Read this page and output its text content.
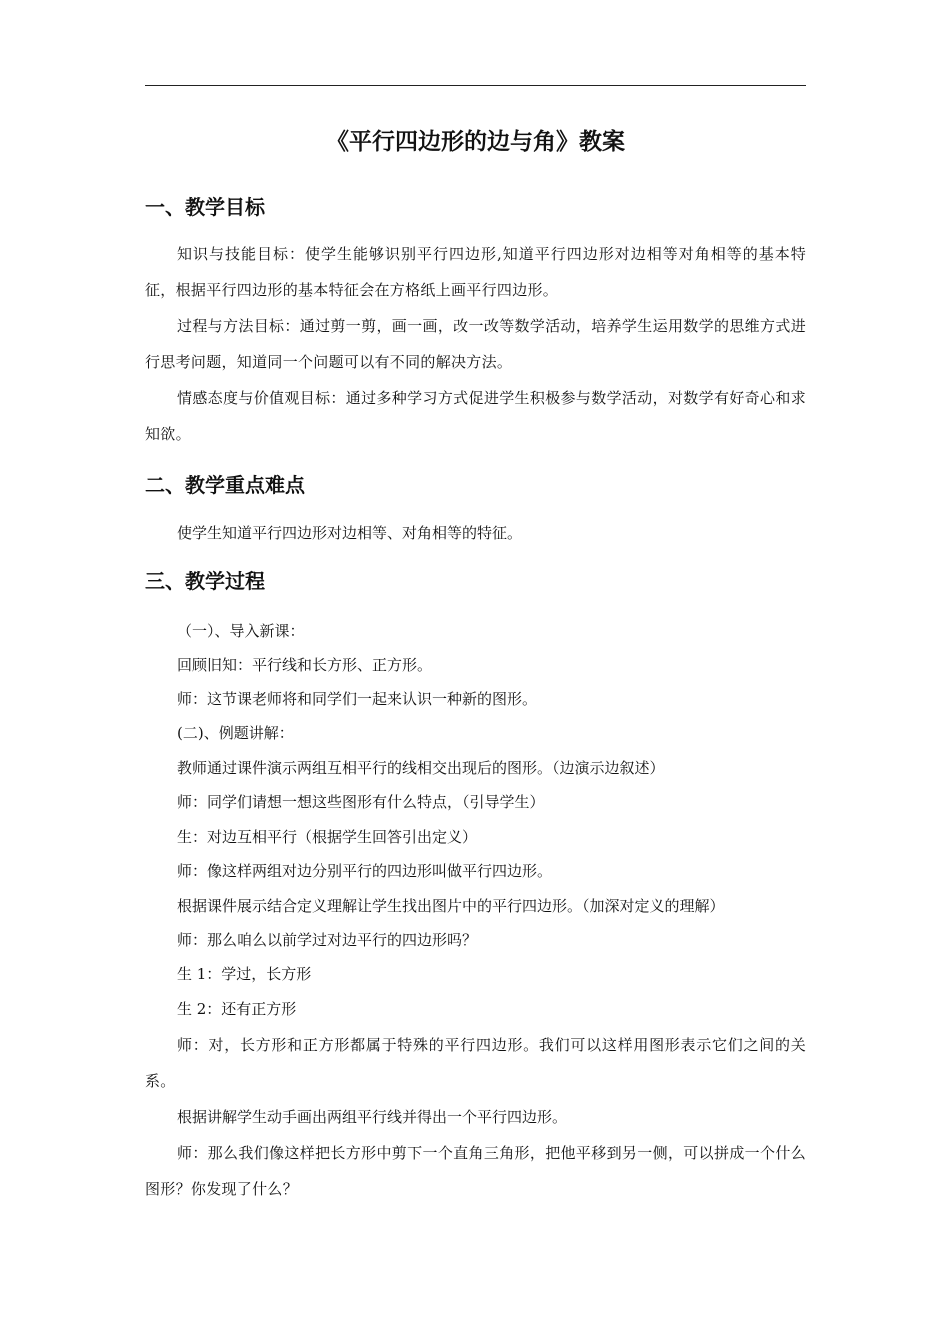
《平行四边形的边与角》教案
一、教学目标

知识与技能目标：使学生能够识别平行四边形,知道平行四边形对边相等对角相等的基本特征，根据平行四边形的基本特征会在方格纸上画平行四边形。

过程与方法目标：通过剪一剪，画一画，改一改等数学活动，培养学生运用数学的思维方式进行思考问题，知道同一个问题可以有不同的解决方法。

情感态度与价值观目标：通过多种学习方式促进学生积极参与数学活动，对数学有好奇心和求知欲。

二、教学重点难点

使学生知道平行四边形对边相等、对角相等的特征。

三、教学过程

（一）、导入新课：

回顾旧知：平行线和长方形、正方形。

师：这节课老师将和同学们一起来认识一种新的图形。

(二)、例题讲解：

教师通过课件演示两组互相平行的线相交出现后的图形。（边演示边叙述）

师：同学们请想一想这些图形有什么特点，（引导学生）

生：对边互相平行（根据学生回答引出定义）

师：像这样两组对边分别平行的四边形叫做平行四边形。

根据课件展示结合定义理解让学生找出图片中的平行四边形。（加深对定义的理解）

师：那么咱么以前学过对边平行的四边形吗？

生 1：学过，长方形

生 2：还有正方形

师：对，长方形和正方形都属于特殊的平行四边形。我们可以这样用图形表示它们之间的关系。

根据讲解学生动手画出两组平行线并得出一个平行四边形。

师：那么我们像这样把长方形中剪下一个直角三角形，把他平移到另一侧，可以拼成一个什么图形？你发现了什么？
